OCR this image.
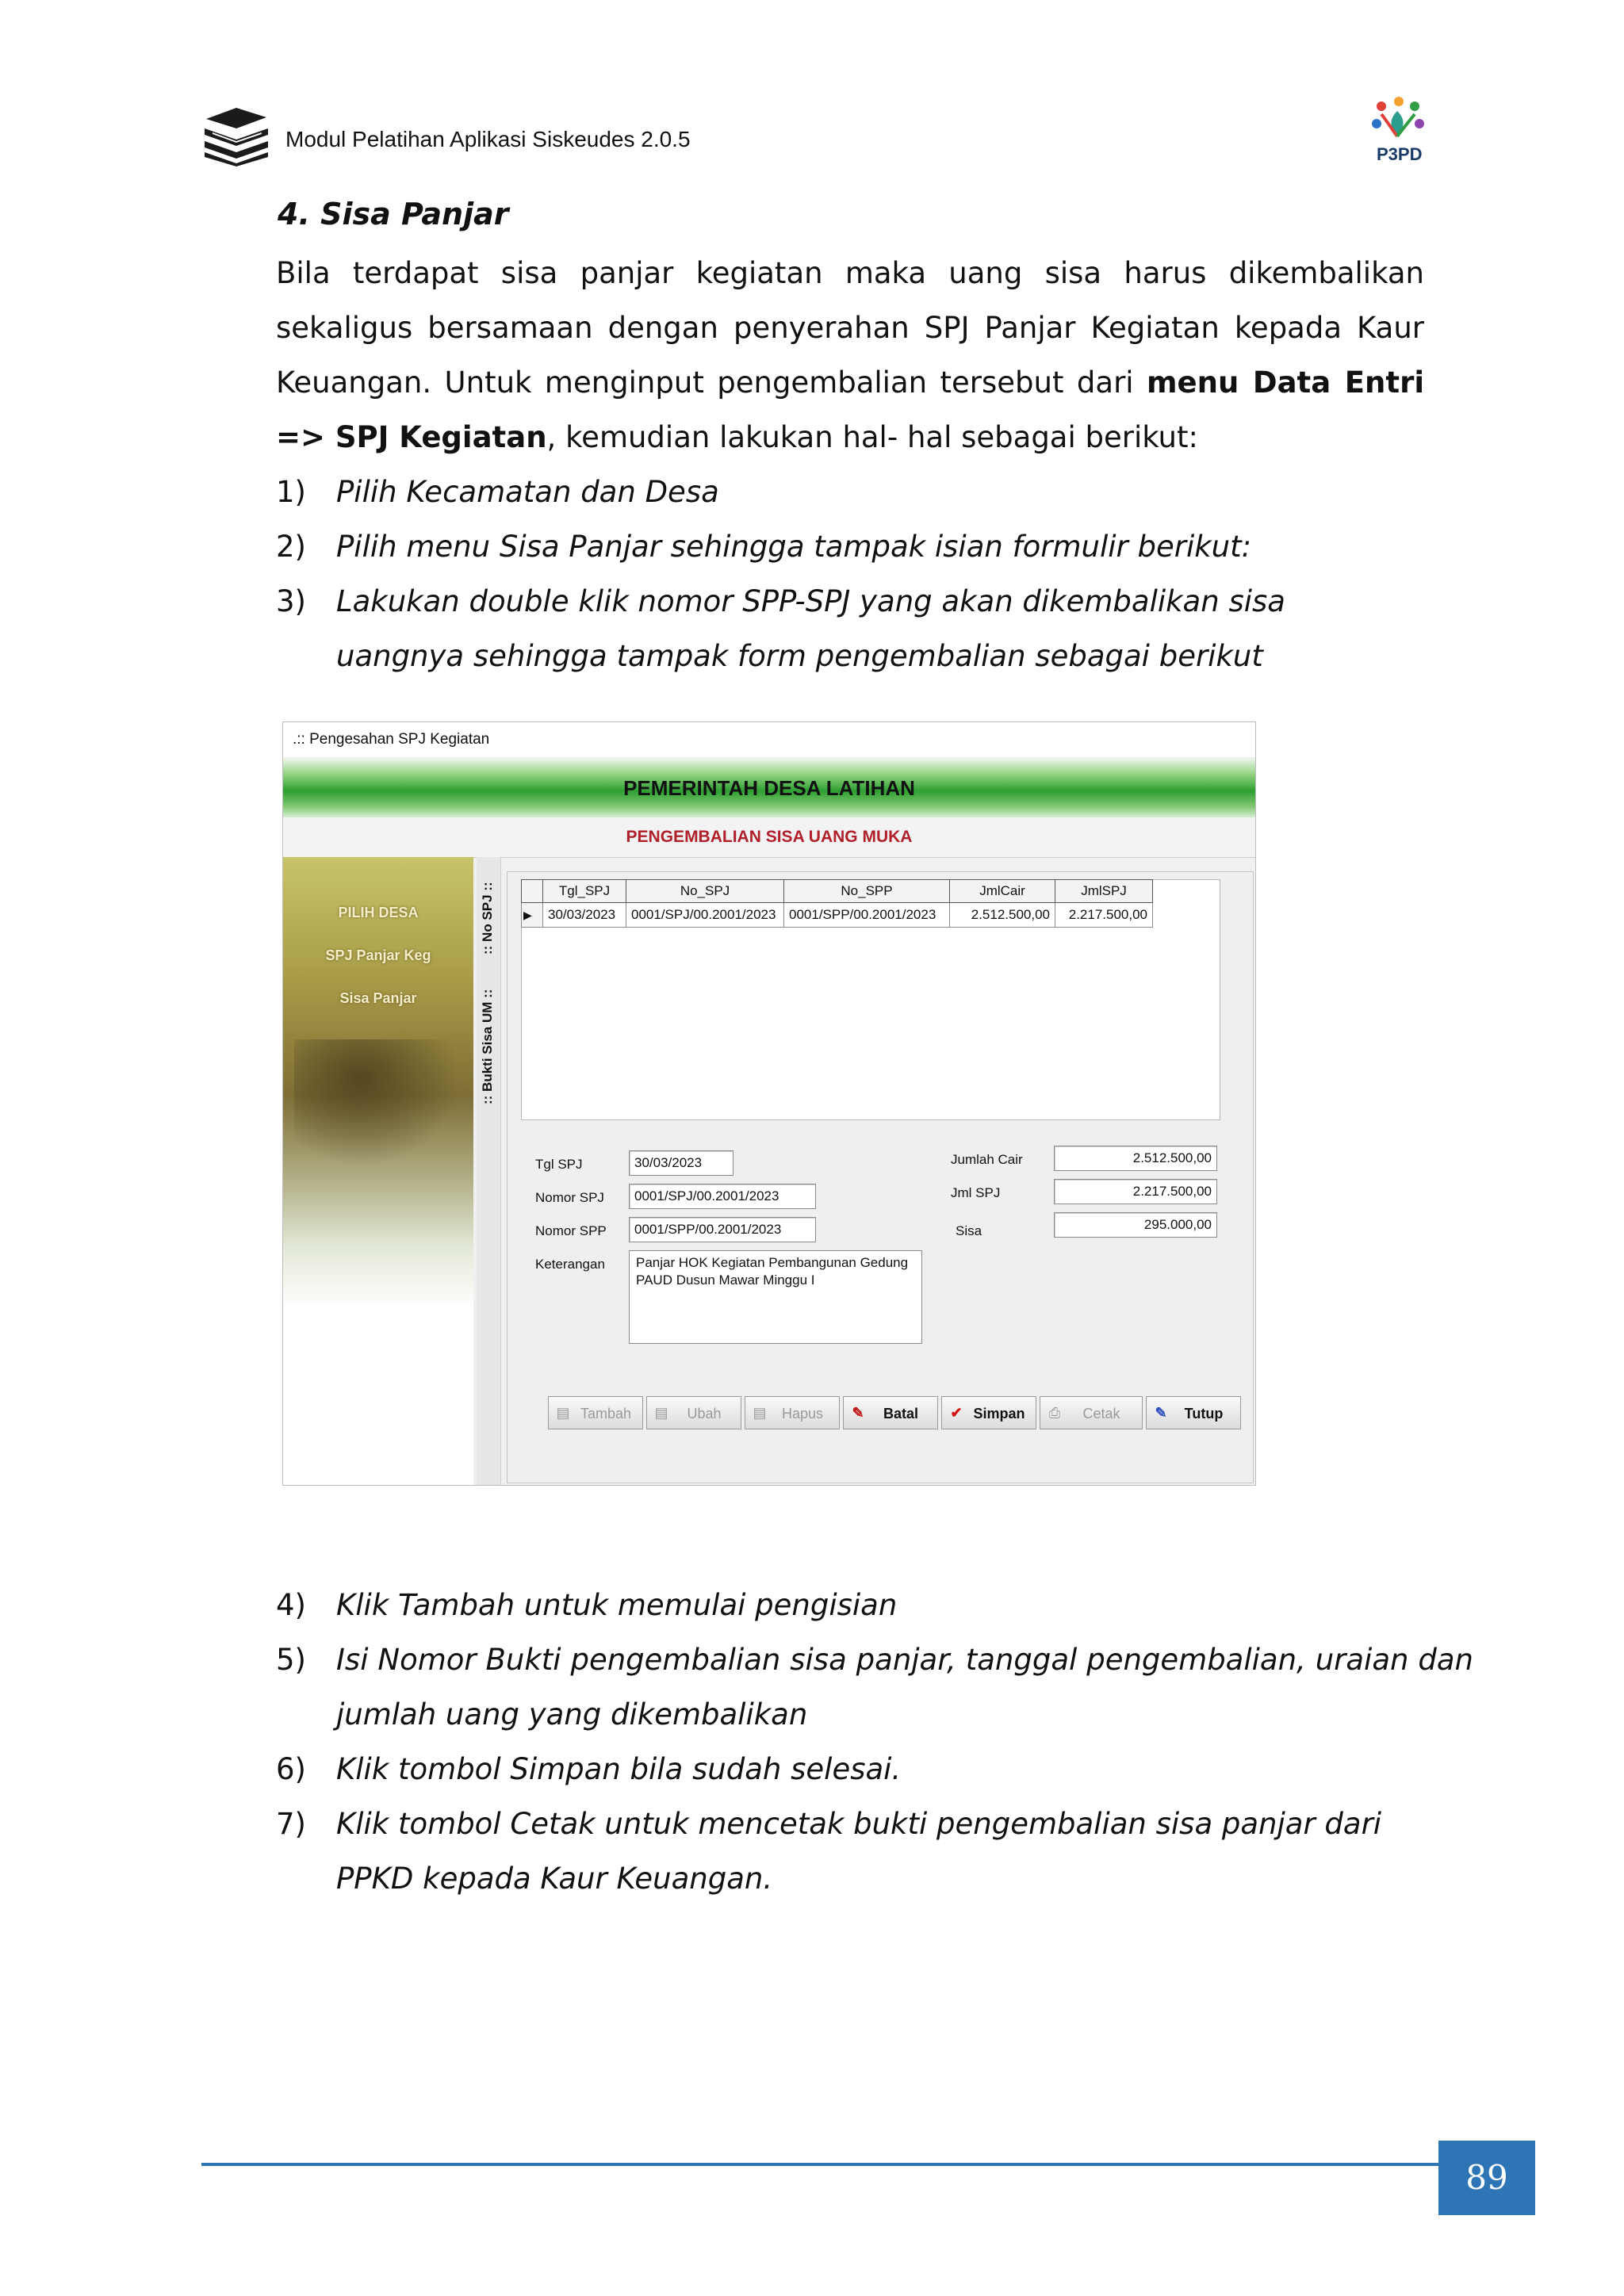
Modul Pelatihan Aplikasi Siskeudes 2.0.5
P3PD
4. Sisa Panjar
Bila terdapat sisa panjar kegiatan maka uang sisa harus dikembalikan sekaligus bersamaan dengan penyerahan SPJ Panjar Kegiatan kepada Kaur Keuangan. Untuk menginput pengembalian tersebut dari menu Data Entri => SPJ Kegiatan, kemudian lakukan hal- hal sebagai berikut:
1) Pilih Kecamatan dan Desa
2) Pilih menu Sisa Panjar sehingga tampak isian formulir berikut:
3) Lakukan double klik nomor SPP-SPJ yang akan dikembalikan sisa uangnya sehingga tampak form pengembalian sebagai berikut
.:: Pengesahan SPJ Kegiatan
PEMERINTAH DESA LATIHAN
PENGEMBALIAN SISA UANG MUKA
PILIH DESA
SPJ Panjar Keg
Sisa Panjar
:: No SPJ ::
:: Bukti Sisa UM ::
	Tgl_SPJ	No_SPJ	No_SPP	JmlCair	JmlSPJ
▶	30/03/2023	0001/SPJ/00.2001/2023	0001/SPP/00.2001/2023	2.512.500,00	2.217.500,00
Tgl SPJ	30/03/2023
Nomor SPJ	0001/SPJ/00.2001/2023
Nomor SPP	0001/SPP/00.2001/2023
Keterangan	Panjar HOK Kegiatan Pembangunan Gedung PAUD Dusun Mawar Minggu I
Jumlah Cair	2.512.500,00
Jml SPJ	2.217.500,00
Sisa	295.000,00
▤ Tambah	▤ Ubah	▤ Hapus	✎ Batal	✔ Simpan	⎙ Cetak	✎ Tutup
4) Klik Tambah untuk memulai pengisian
5) Isi Nomor Bukti pengembalian sisa panjar, tanggal pengembalian, uraian dan jumlah uang yang dikembalikan
6) Klik tombol Simpan bila sudah selesai.
7) Klik tombol Cetak untuk mencetak bukti pengembalian sisa panjar dari PPKD kepada Kaur Keuangan.
89
